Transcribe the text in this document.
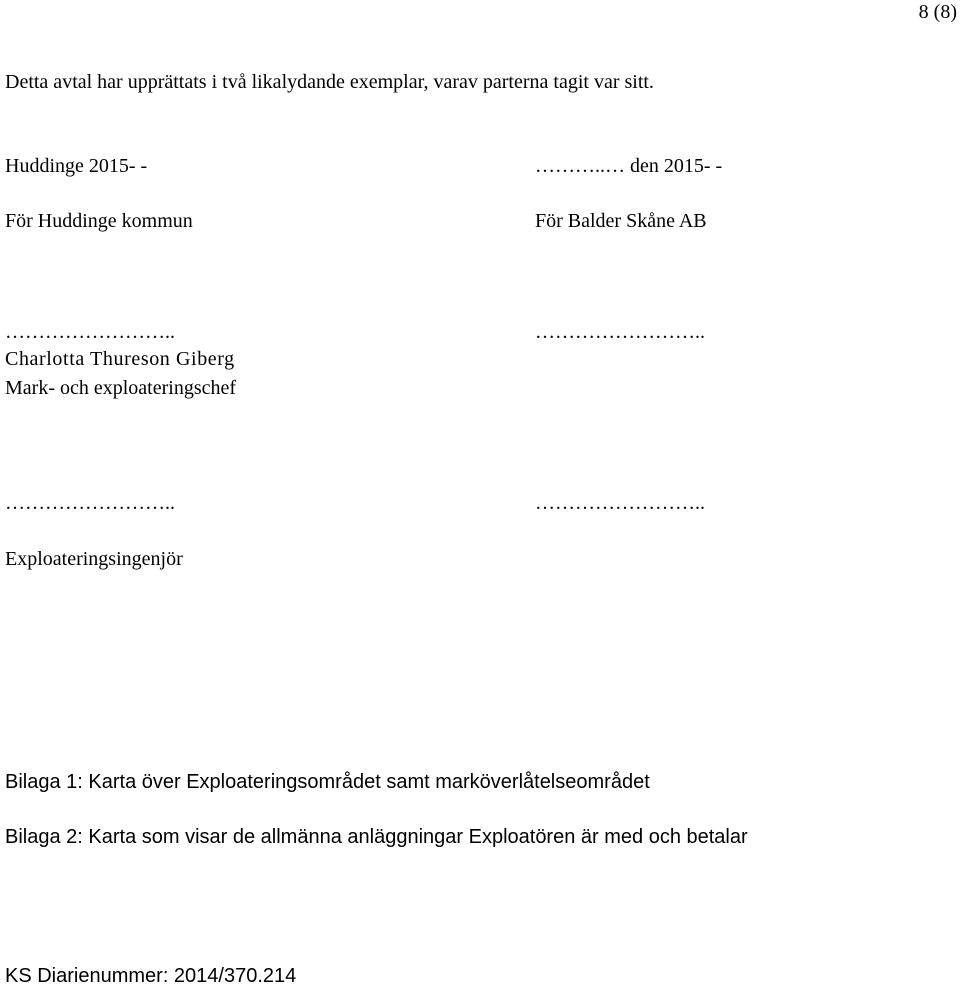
8 (8)
Detta avtal har upprättats i två likalydande exemplar, varav parterna tagit var sitt.
Huddinge 2015- -	………..… den 2015- -
För Huddinge kommun	För Balder Skåne AB
……………………..	……………………..
Charlotta Thureson Giberg
Mark- och exploateringschef
……………………..	……………………..
Exploateringsingenjör
Bilaga 1: Karta över Exploateringsområdet samt marköverlåtelseområdet
Bilaga 2: Karta som visar de allmänna anläggningar Exploatören är med och betalar
KS Diarienummer: 2014/370.214
